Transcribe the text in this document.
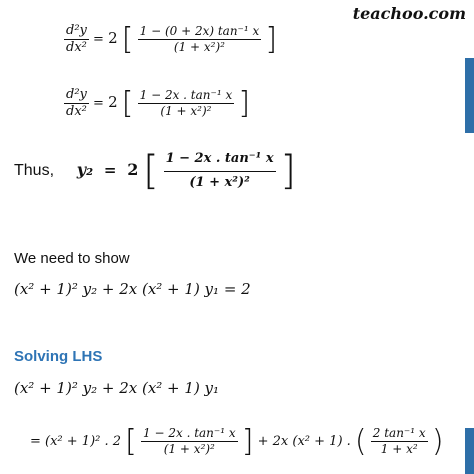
teachoo.com
$\frac{\text{d²y}}{\text{dx²}} = 2$ [ $\frac{\text{1 − (0 + 2x) tan⁻¹ x}}{\text{(1 + x²)²}}$ ]
$\frac{\text{d²y}}{\text{dx²}} = 2$ [ $\frac{\text{1 − 2x . tan⁻¹ x}}{\text{(1 + x²)²}}$ ]
Thus, y₂ = 2 [ $\frac{\text{1 − 2x . tan⁻¹ x}}{\text{(1 + x²)²}}$ ]
We need to show
(x² + 1)² y₂ + 2x (x² + 1) y₁ = 2
Solving LHS
(x² + 1)² y₂ + 2x (x² + 1) y₁
= (x² + 1)² . 2 [ $\frac{\text{1 − 2x . tan⁻¹ x}}{\text{(1 + x²)²}}$ ] + 2x (x² + 1) . ( $\frac{\text{2 tan⁻¹ x}}{\text{1 + x²}}$ )
